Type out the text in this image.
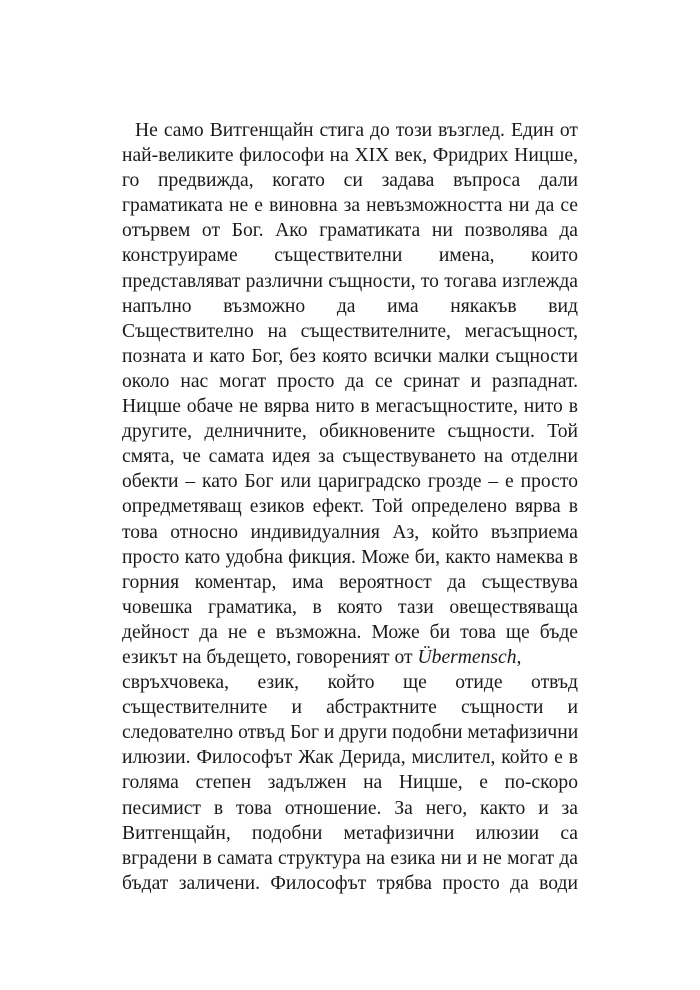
Не само Витгенщайн стига до този възглед. Един от
най-великите философи на XIX век, Фридрих Ницше,
го предвижда, когато си задава въпроса дали
граматиката не е виновна за невъзможността ни да се
отървем от Бог. Ако граматиката ни позволява да
конструираме съществителни имена, които
представляват различни същности, то тогава изглежда
напълно възможно да има някакъв вид
Съществително на съществителните, мегасъщност,
позната и като Бог, без която всички малки същности
около нас могат просто да се сринат и разпаднат.
Ницше обаче не вярва нито в мегасъщностите, нито в
другите, делничните, обикновените същности. Той
смята, че самата идея за съществуването на отделни
обекти – като Бог или цариградско грозде – е просто
опредметяващ езиков ефект. Той определено вярва в
това относно индивидуалния Аз, който възприема
просто като удобна фикция. Може би, както намеква в
горния коментар, има вероятност да съществува
човешка граматика, в която тази овеществяваща
дейност да не е възможна. Може би това ще бъде
езикът на бъдещето, говореният от Übermensch,
свръхчовека, език, който ще отиде отвъд
съществителните и абстрактните същности и
следователно отвъд Бог и други подобни метафизични
илюзии. Философът Жак Дерида, мислител, който е в
голяма степен задължен на Ницше, е по-скоро
песимист в това отношение. За него, както и за
Витгенщайн, подобни метафизични илюзии са
вградени в самата структура на езика ни и не могат да
бъдат заличени. Философът трябва просто да води
